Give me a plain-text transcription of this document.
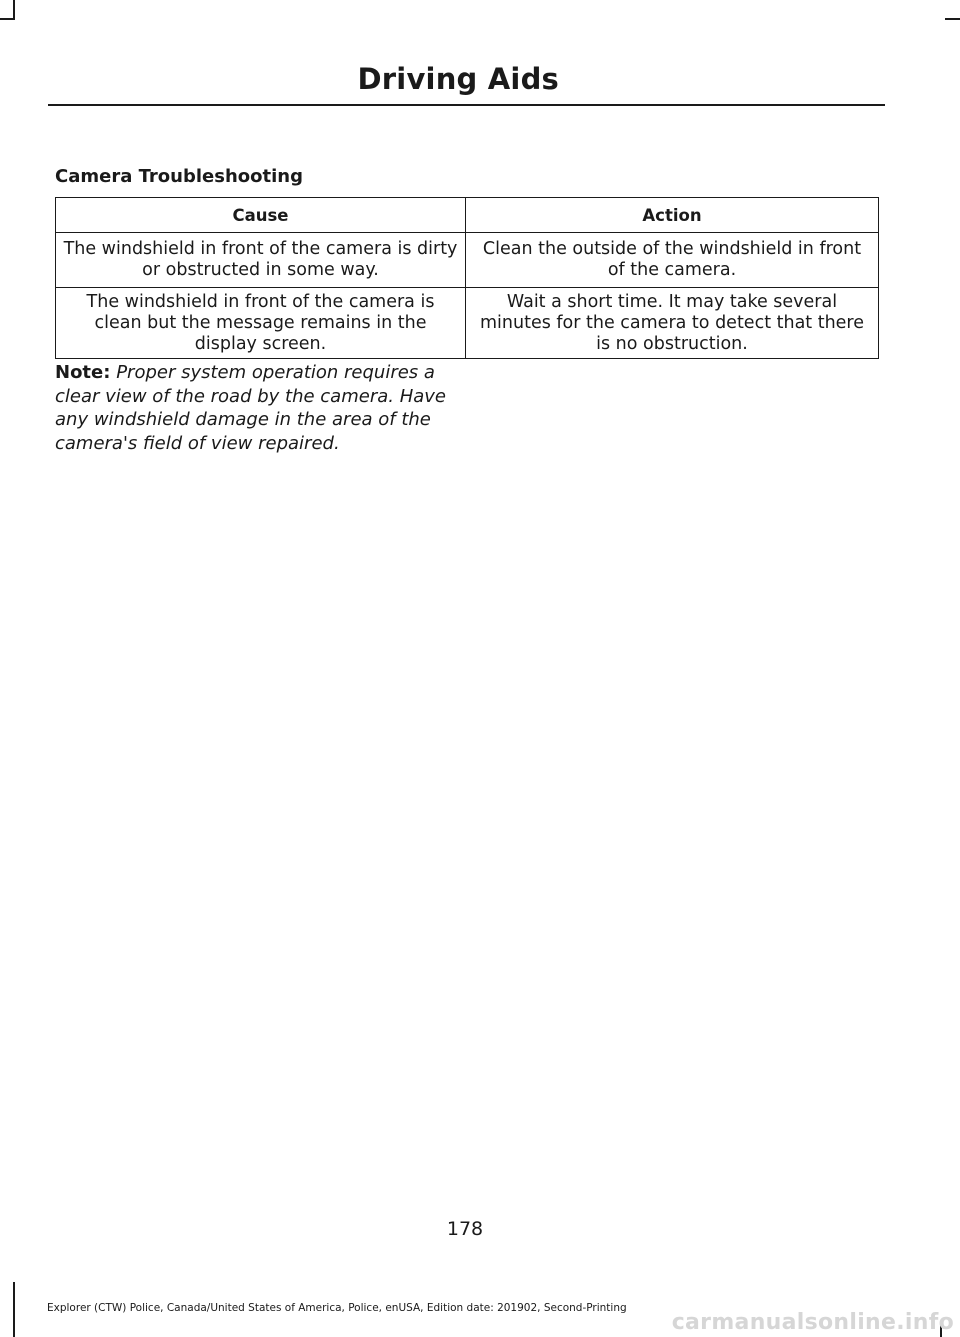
Driving Aids
Camera Troubleshooting
Cause	Action
The windshield in front of the camera is dirty or obstructed in some way.	Clean the outside of the windshield in front of the camera.
The windshield in front of the camera is clean but the message remains in the display screen.	Wait a short time. It may take several minutes for the camera to detect that there is no obstruction.
Note: Proper system operation requires a clear view of the road by the camera. Have any windshield damage in the area of the camera's field of view repaired.
178
Explorer (CTW) Police, Canada/United States of America, Police, enUSA, Edition date: 201902, Second-Printing
carmanualsonline.info
